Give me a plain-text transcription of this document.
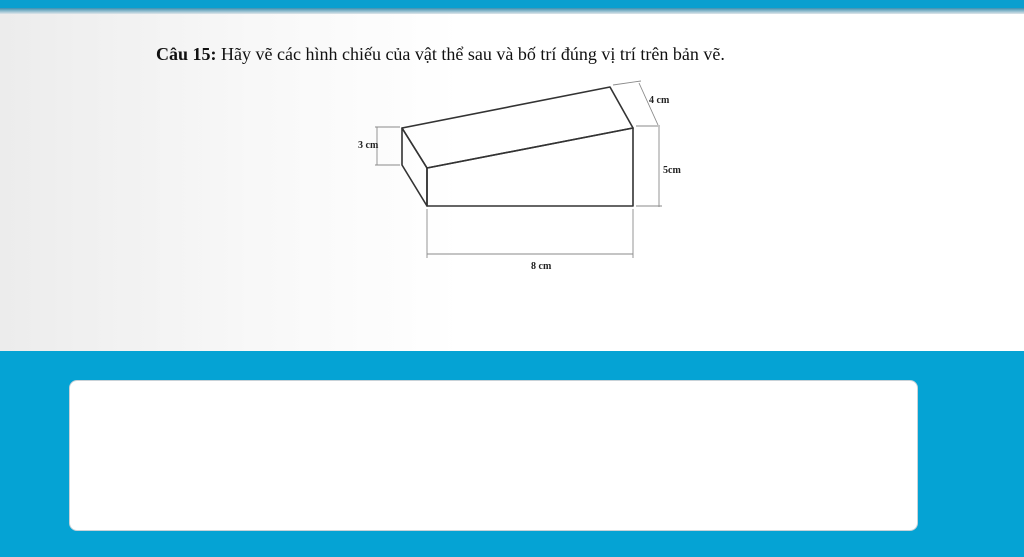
Câu 15: Hãy vẽ các hình chiếu của vật thể sau và bố trí đúng vị trí trên bản vẽ.

4 cm
3 cm
5cm
8 cm
